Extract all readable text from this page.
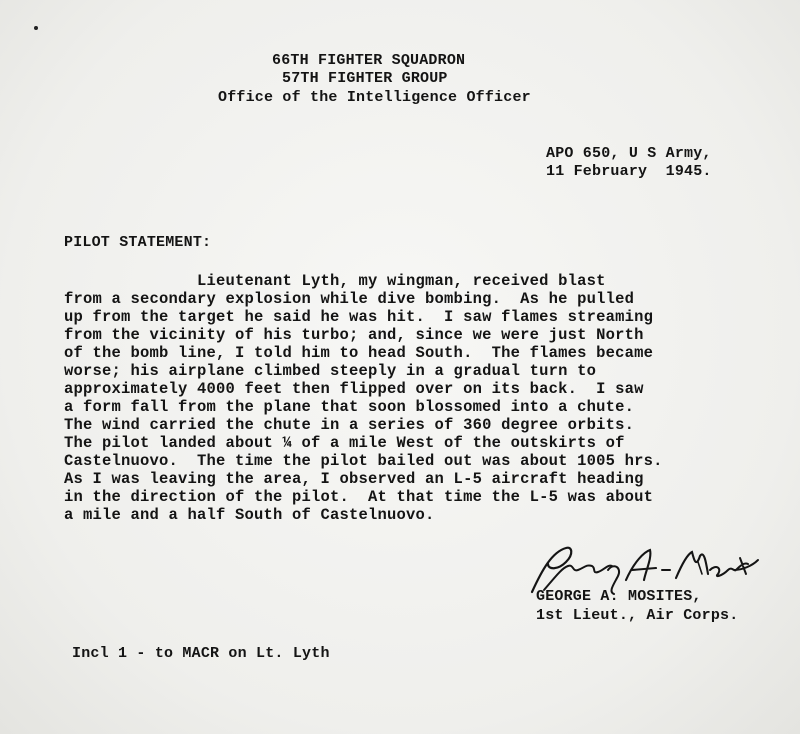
66TH FIGHTER SQUADRON
57TH FIGHTER GROUP
Office of the Intelligence Officer
APO 650, U S Army,
11 February  1945.
PILOT STATEMENT:
Lieutenant Lyth, my wingman, received blast
from a secondary explosion while dive bombing.  As he pulled
up from the target he said he was hit.  I saw flames streaming
from the vicinity of his turbo; and, since we were just North
of the bomb line, I told him to head South.  The flames became
worse; his airplane climbed steeply in a gradual turn to
approximately 4000 feet then flipped over on its back.  I saw
a form fall from the plane that soon blossomed into a chute.
The wind carried the chute in a series of 360 degree orbits.
The pilot landed about ¼ of a mile West of the outskirts of
Castelnuovo.  The time the pilot bailed out was about 1005 hrs.
As I was leaving the area, I observed an L-5 aircraft heading
in the direction of the pilot.  At that time the L-5 was about
a mile and a half South of Castelnuovo.
GEORGE A. MOSITES,
1st Lieut., Air Corps.
Incl 1 - to MACR on Lt. Lyth
